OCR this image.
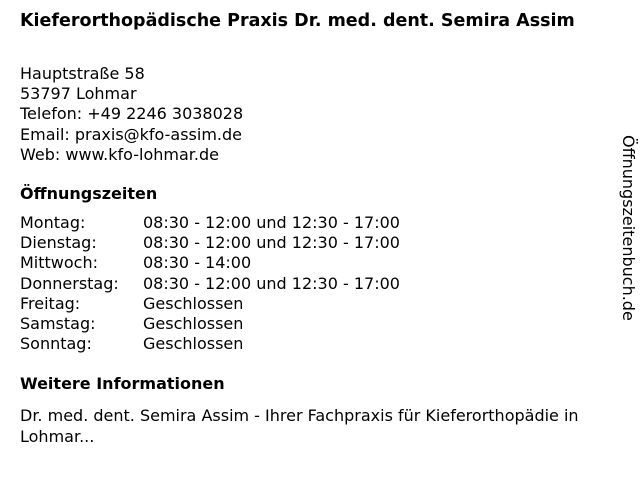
Kieferorthopädische Praxis Dr. med. dent. Semira Assim
Hauptstraße 58
53797 Lohmar
Telefon: +49 2246 3038028
Email: praxis@kfo-assim.de
Web: www.kfo-lohmar.de
Öffnungszeiten
Montag:	08:30 - 12:00 und 12:30 - 17:00
Dienstag:	08:30 - 12:00 und 12:30 - 17:00
Mittwoch:	08:30 - 14:00
Donnerstag:	08:30 - 12:00 und 12:30 - 17:00
Freitag:	Geschlossen
Samstag:	Geschlossen
Sonntag:	Geschlossen
Weitere Informationen
Dr. med. dent. Semira Assim - Ihrer Fachpraxis für Kieferorthopädie in Lohmar...
Öffnungszeitenbuch.de
